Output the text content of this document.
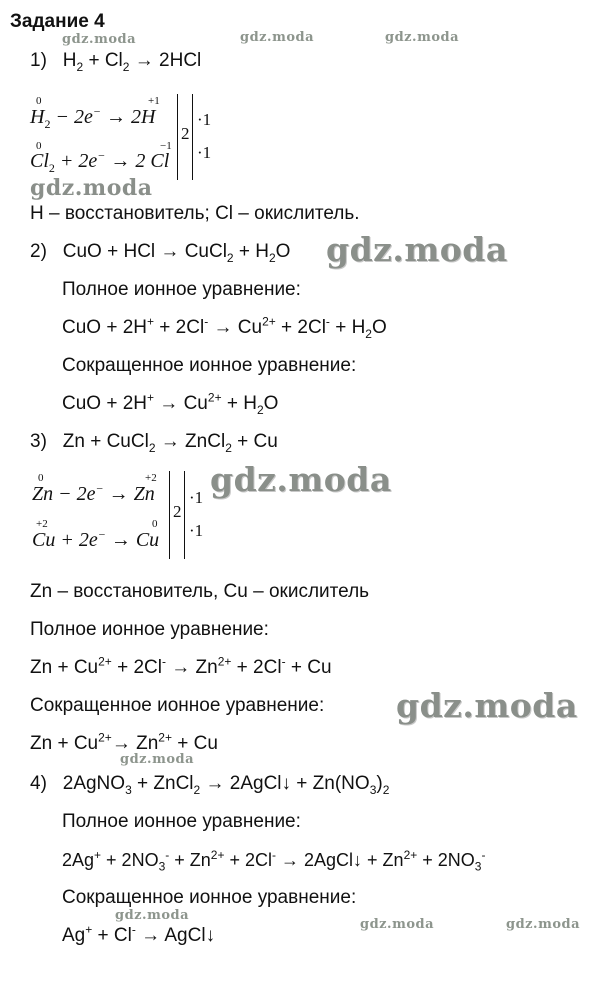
Задание 4
1) $H_2 + Cl_2 \to 2HCl$
0	+1
$H_2 - 2e^- \to 2H$
0	−1
$Cl_2 + 2e^- \to 2$ Cl
2
·1
·1
H – восстановитель; Cl – окислитель.
2) CuO + HCl → CuCl$_2$ + $H_2O$
Полное ионное уравнение:
CuO + $2H^+ + 2Cl^- \to Cu^{2+} + 2Cl^- + H_2O$
Сокращенное ионное уравнение:
CuO + $2H^+ \to Cu^{2+} + H_2O$
3) Zn + CuCl$_2$ → ZnCl$_2$ + Cu
0	+2
Zn − 2e− → Zn
+2	0
Cu + 2e− → Cu
2
·1
·1
Zn – восстановитель, Cu – окислитель
Полное ионное уравнение:
$Zn + Cu^{2+} + 2Cl^- \to Zn^{2+} + 2Cl^- + Cu$
Сокращенное ионное уравнение:
$Zn + Cu^{2+}\to Zn^{2+} + Cu$
4) 2AgNO$_3$ + ZnCl$_2$ → 2AgCl↓ + $Zn(NO_3)_2$
Полное ионное уравнение:
$2Ag^+ + 2NO_3^- + Zn^{2+} + 2Cl^-$ → 2AgCl↓ + $Zn^{2+} + 2NO_3^-$
Сокращенное ионное уравнение:
Ag+ + Cl- → AgCl↓
gdz.moda	gdz.moda	gdz.moda
gdz.moda
gdz.moda
gdz.moda
gdz.moda
gdz.moda
gdz.moda
gdz.moda	gdz.moda
